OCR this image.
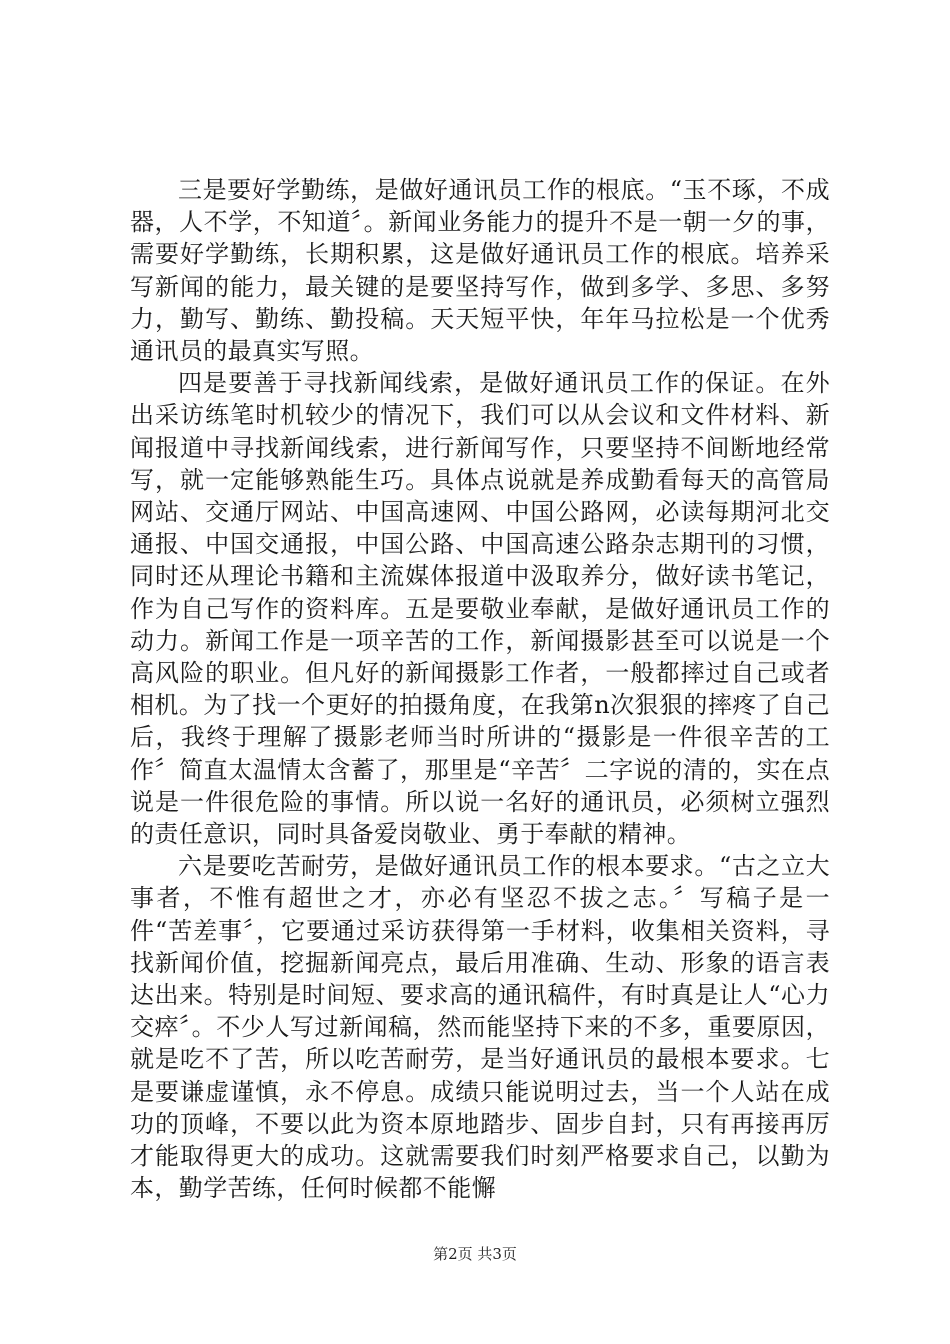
三是要好学勤练，是做好通讯员工作的根底。“玉不琢，不成器，人不学，不知道〞。新闻业务能力的提升不是一朝一夕的事，需要好学勤练，长期积累，这是做好通讯员工作的根底。培养采写新闻的能力，最关键的是要坚持写作，做到多学、多思、多努力，勤写、勤练、勤投稿。天天短平快，年年马拉松是一个优秀通讯员的最真实写照。

四是要善于寻找新闻线索，是做好通讯员工作的保证。在外出采访练笔时机较少的情况下，我们可以从会议和文件材料、新闻报道中寻找新闻线索，进行新闻写作，只要坚持不间断地经常写，就一定能够熟能生巧。具体点说就是养成勤看每天的高管局网站、交通厅网站、中国高速网、中国公路网，必读每期河北交通报、中国交通报，中国公路、中国高速公路杂志期刊的习惯，同时还从理论书籍和主流媒体报道中汲取养分，做好读书笔记，作为自己写作的资料库。五是要敬业奉献，是做好通讯员工作的动力。新闻工作是一项辛苦的工作，新闻摄影甚至可以说是一个高风险的职业。但凡好的新闻摄影工作者，一般都摔过自己或者相机。为了找一个更好的拍摄角度，在我第n次狠狠的摔疼了自己后，我终于理解了摄影老师当时所讲的“摄影是一件很辛苦的工作〞简直太温情太含蓄了，那里是“辛苦〞二字说的清的，实在点说是一件很危险的事情。所以说一名好的通讯员，必须树立强烈的责任意识，同时具备爱岗敬业、勇于奉献的精神。

六是要吃苦耐劳，是做好通讯员工作的根本要求。“古之立大事者，不惟有超世之才，亦必有坚忍不拔之志。〞写稿子是一件“苦差事〞，它要通过采访获得第一手材料，收集相关资料，寻找新闻价值，挖掘新闻亮点，最后用准确、生动、形象的语言表达出来。特别是时间短、要求高的通讯稿件，有时真是让人“心力交瘁〞。不少人写过新闻稿，然而能坚持下来的不多，重要原因，就是吃不了苦，所以吃苦耐劳，是当好通讯员的最根本要求。七是要谦虚谨慎，永不停息。成绩只能说明过去，当一个人站在成功的顶峰，不要以此为资本原地踏步、固步自封，只有再接再厉才能取得更大的成功。这就需要我们时刻严格要求自己，以勤为本，勤学苦练，任何时候都不能懈

第2页 共3页
